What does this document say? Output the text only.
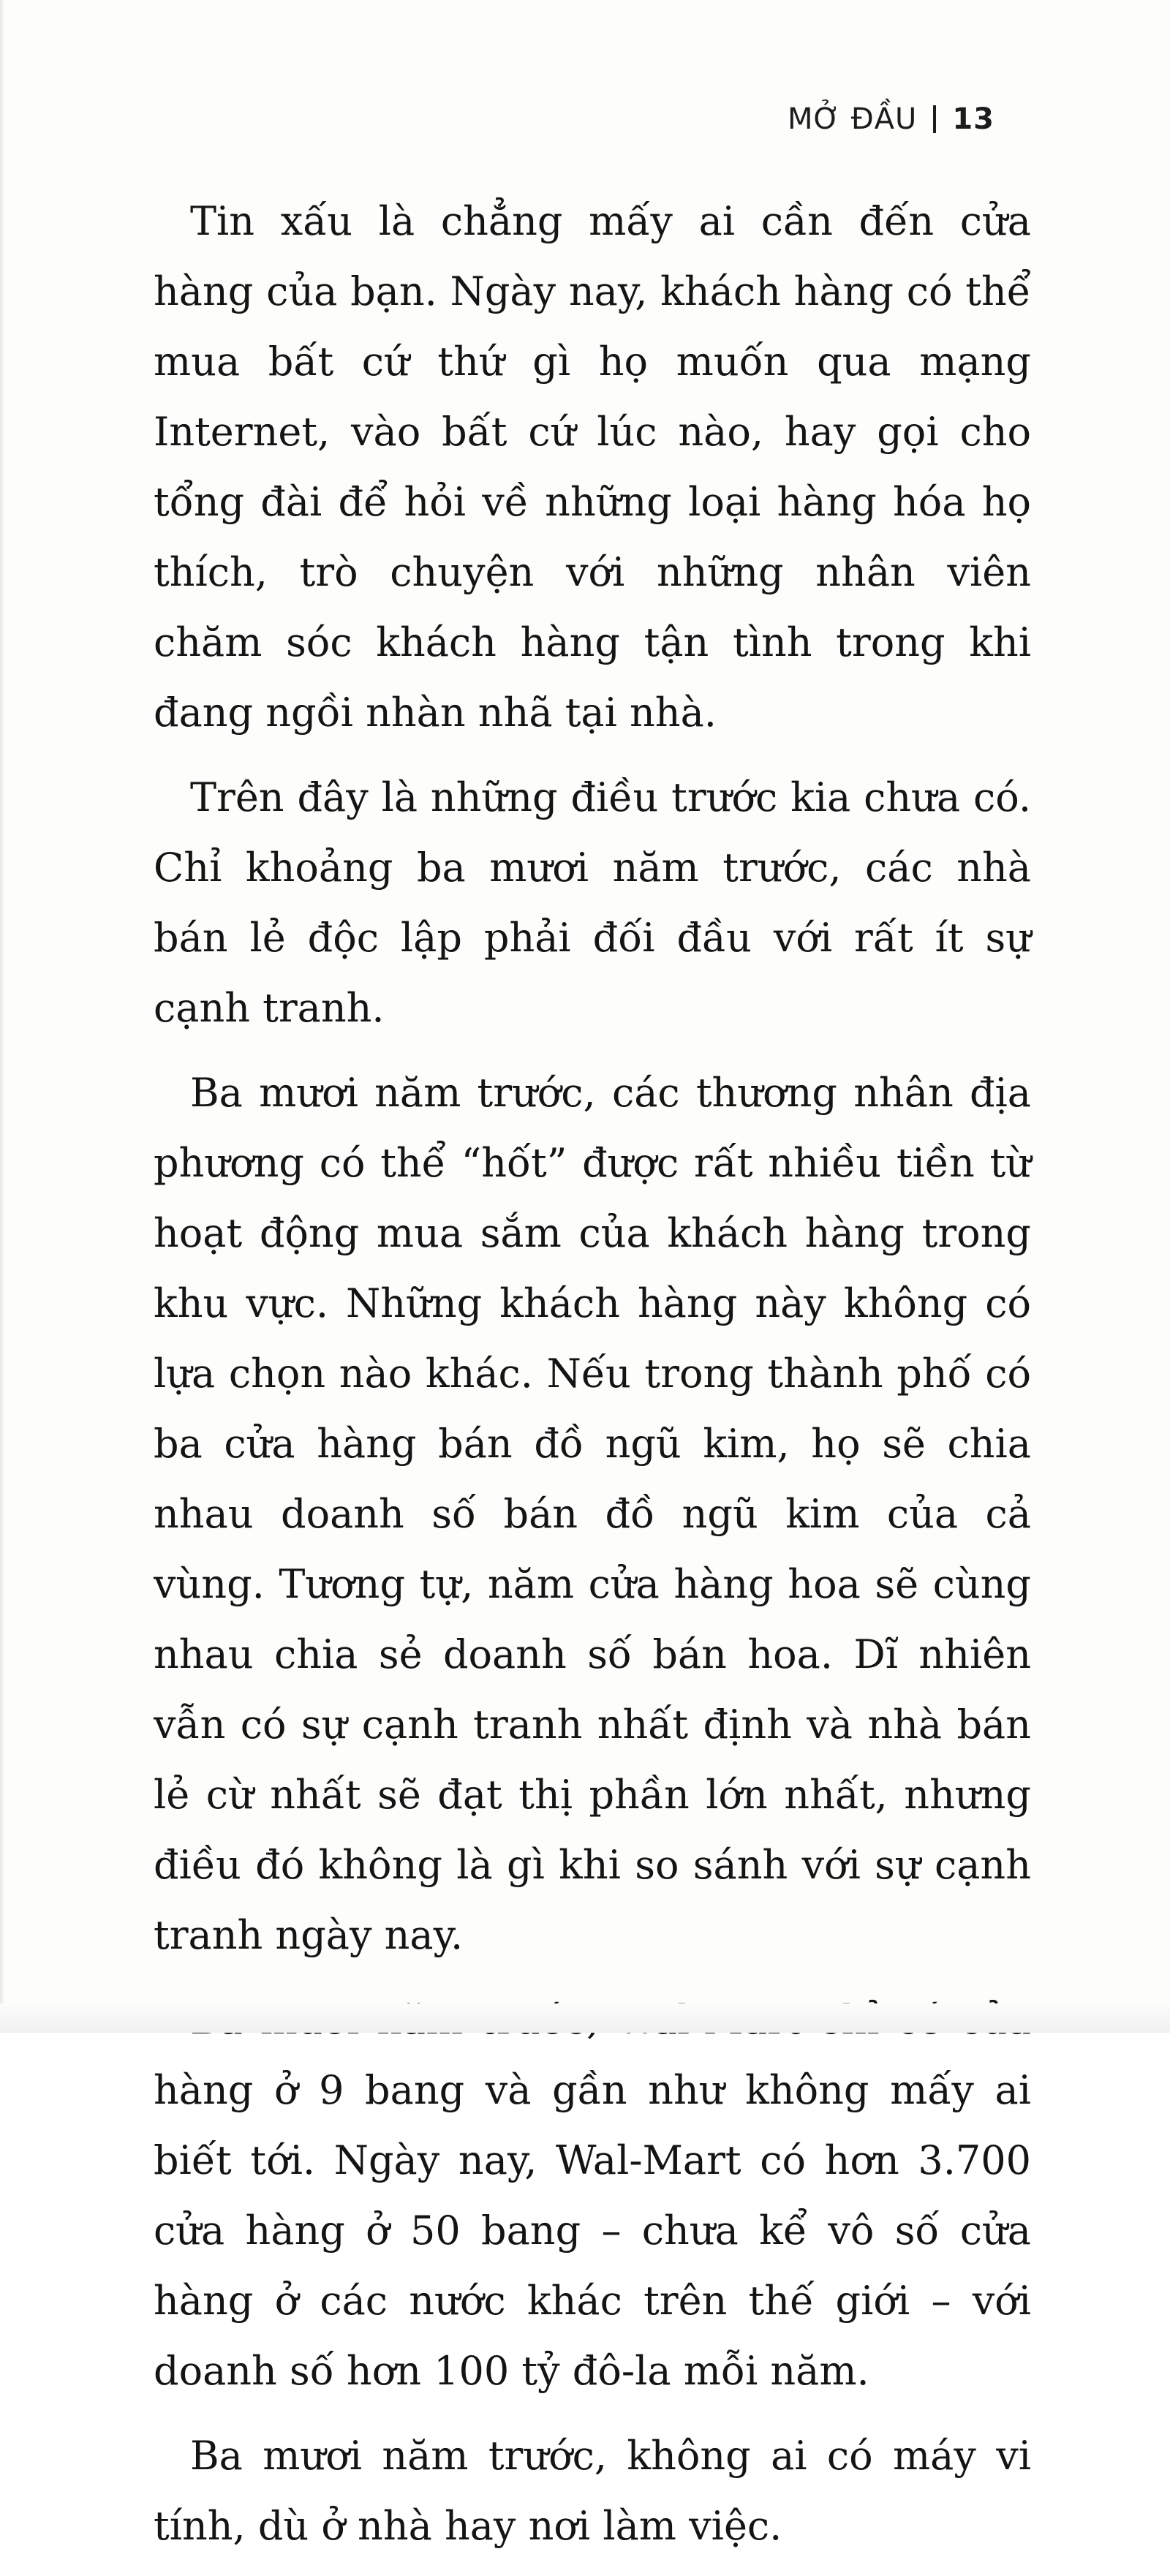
MỞ ĐẦU 13

Tin xấu là chẳng mấy ai cần đến cửa hàng của bạn. Ngày nay, khách hàng có thể mua bất cứ thứ gì họ muốn qua mạng Internet, vào bất cứ lúc nào, hay gọi cho tổng đài để hỏi về những loại hàng hóa họ thích, trò chuyện với những nhân viên chăm sóc khách hàng tận tình trong khi đang ngồi nhàn nhã tại nhà.

Trên đây là những điều trước kia chưa có. Chỉ khoảng ba mươi năm trước, các nhà bán lẻ độc lập phải đối đầu với rất ít sự cạnh tranh.

Ba mươi năm trước, các thương nhân địa phương có thể “hốt” được rất nhiều tiền từ hoạt động mua sắm của khách hàng trong khu vực. Những khách hàng này không có lựa chọn nào khác. Nếu trong thành phố có ba cửa hàng bán đồ ngũ kim, họ sẽ chia nhau doanh số bán đồ ngũ kim của cả vùng. Tương tự, năm cửa hàng hoa sẽ cùng nhau chia sẻ doanh số bán hoa. Dĩ nhiên vẫn có sự cạnh tranh nhất định và nhà bán lẻ cừ nhất sẽ đạt thị phần lớn nhất, nhưng điều đó không là gì khi so sánh với sự cạnh tranh ngày nay.

hàng ở 9 bang và gần như không mấy ai biết tới. Ngày nay, Wal-Mart có hơn 3.700 cửa hàng ở 50 bang – chưa kể vô số cửa hàng ở các nước khác trên thế giới – với doanh số hơn 100 tỷ đô-la mỗi năm.

Ba mươi năm trước, không ai có máy vi tính, dù ở nhà hay nơi làm việc.
